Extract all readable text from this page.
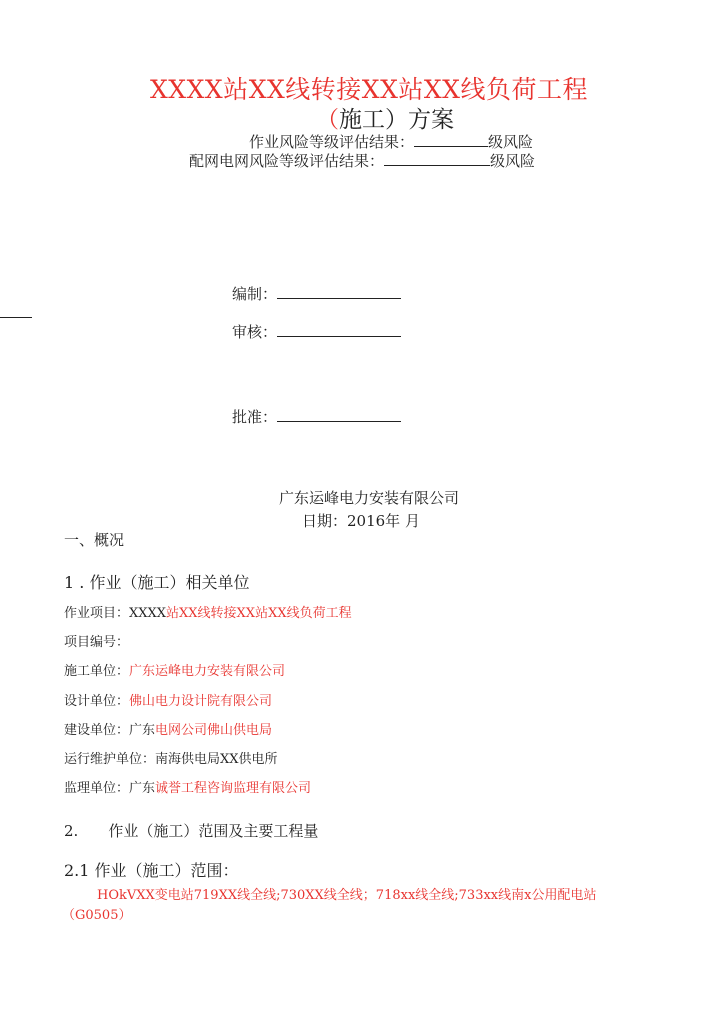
XXXX站XX线转接XX站XX线负荷工程
（施工）方案
作业风险等级评估结果：	级风险
配网电网风险等级评估结果：	级风险
编制：
审核：
批准：
广东运峰电力安装有限公司
日期：2016年 月
一、概况
1 . 作业（施工）相关单位
作业项目：XXXX站XX线转接XX站XX线负荷工程
项目编号：
施工单位：广东运峰电力安装有限公司
设计单位：佛山电力设计院有限公司
建设单位：广东电网公司佛山供电局
运行维护单位：南海供电局XX供电所
监理单位：广东诚誉工程咨询监理有限公司
2. 作业（施工）范围及主要工程量
2.1 作业（施工）范围：
HOkVXX变电站719XX线全线;730XX线全线；718xx线全线;733xx线南x公用配电站
（G0505）
